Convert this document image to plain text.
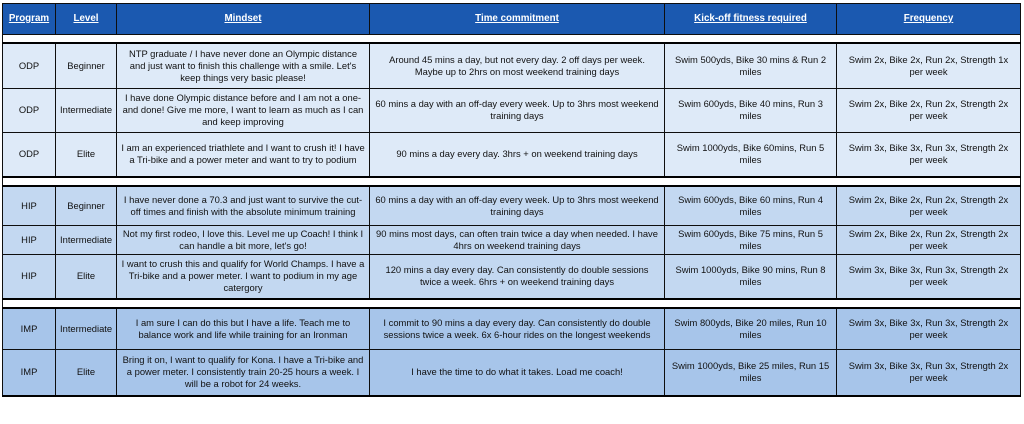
Program	Level	Mindset	Time commitment	Kick-off fitness required	Frequency

ODP	Beginner	NTP graduate / I have never done an Olympic distance and just want to finish this challenge with a smile. Let's keep things very basic please!	Around 45 mins a day, but not every day. 2 off days per week. Maybe up to 2hrs on most weekend training days	Swim 500yds, Bike 30 mins & Run 2 miles	Swim 2x, Bike 2x, Run 2x, Strength 1x per week
ODP	Intermediate	I have done Olympic distance before and I am not a one-and done! Give me more, I want to learn as much as I can and keep improving	60 mins a day with an off-day every week. Up to 3hrs most weekend training days	Swim 600yds, Bike 40 mins, Run 3 miles	Swim 2x, Bike 2x, Run 2x, Strength 2x per week
ODP	Elite	I am an experienced triathlete and I want to crush it! I have a Tri-bike and a power meter and want to try to podium	90 mins a day every day. 3hrs + on weekend training days	Swim 1000yds, Bike 60mins, Run 5 miles	Swim 3x, Bike 3x, Run 3x, Strength 2x per week

HIP	Beginner	I have never done a 70.3 and just want to survive the cut-off times and finish with the absolute minimum training	60 mins a day with an off-day every week. Up to 3hrs most weekend training days	Swim 600yds, Bike 60 mins, Run 4 miles	Swim 2x, Bike 2x, Run 2x, Strength 2x per week
HIP	Intermediate	Not my first rodeo, I love this. Level me up Coach! I think I can handle a bit more, let's go!	90 mins most days, can often train twice a day when needed. I have 4hrs on weekend training days	Swim 600yds, Bike 75 mins, Run 5 miles	Swim 2x, Bike 2x, Run 2x, Strength 2x per week
HIP	Elite	I want to crush this and qualify for World Champs. I have a Tri-bike and a power meter. I want to podium in my age catergory	120 mins a day every day. Can consistently do double sessions twice a week. 6hrs + on weekend training days	Swim 1000yds, Bike 90 mins, Run 8 miles	Swim 3x, Bike 3x, Run 3x, Strength 2x per week

IMP	Intermediate	I am sure I can do this but I have a life. Teach me to balance work and life while training for an Ironman	I commit to 90 mins a day every day. Can consistently do double sessions twice a week. 6x 6-hour rides on the longest weekends	Swim 800yds, Bike 20 miles, Run 10 miles	Swim 3x, Bike 3x, Run 3x, Strength 2x per week
IMP	Elite	Bring it on, I want to qualify for Kona. I have a Tri-bike and a power meter. I consistently train 20-25 hours a week. I will be a robot for 24 weeks.	I have the time to do what it takes. Load me coach!	Swim 1000yds, Bike 25 miles, Run 15 miles	Swim 3x, Bike 3x, Run 3x, Strength 2x per week
